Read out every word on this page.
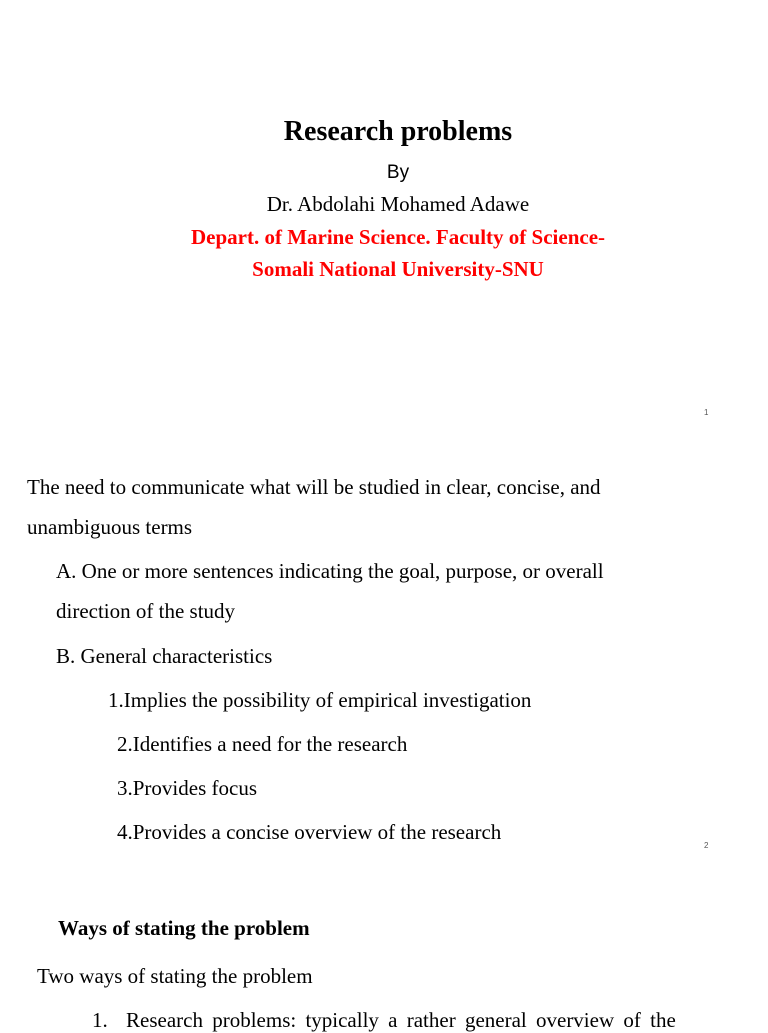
Research problems
By
Dr. Abdolahi Mohamed Adawe
Depart. of Marine Science. Faculty of Science-
Somali National University-SNU
1
The need to communicate what will be studied in clear, concise, and
unambiguous terms
A. One or more sentences indicating the goal, purpose, or overall
direction of the study
B. General characteristics
1.Implies the possibility of empirical investigation
2.Identifies a need for the research
3.Provides focus
4.Provides a concise overview of the research
2
Ways of stating the problem
Two ways of stating the problem
1. Research problems: typically a rather general overview of the
